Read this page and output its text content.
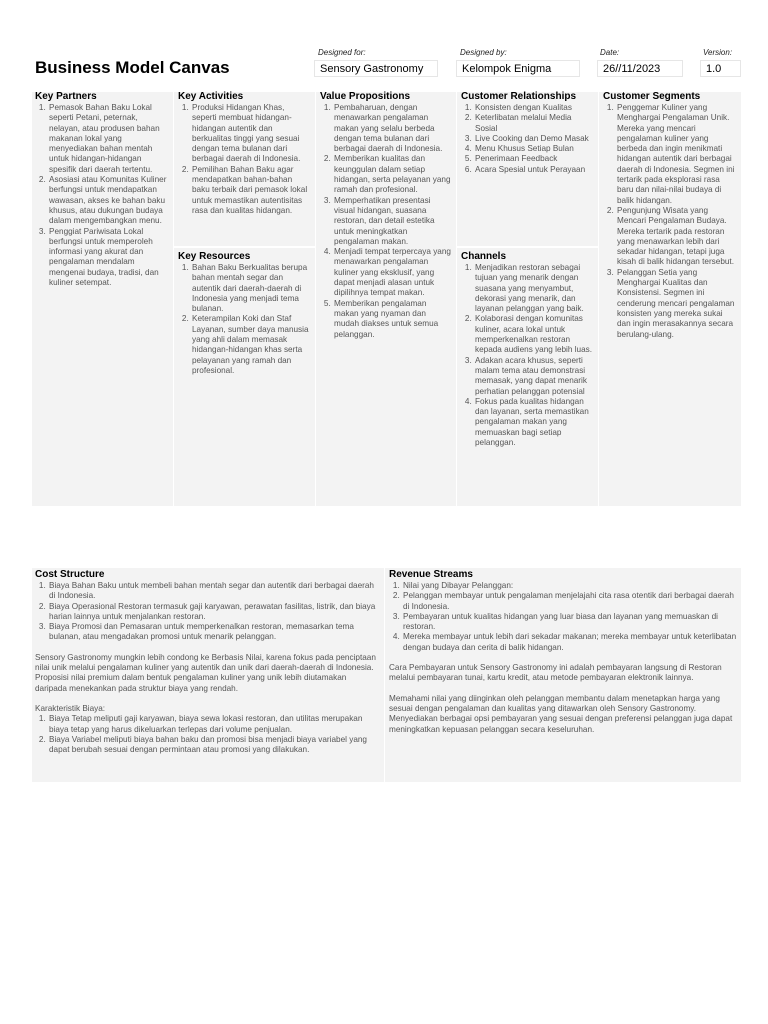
Business Model Canvas
Designed for:
Sensory Gastronomy
Designed by:
Kelompok Enigma
Date:
26//11/2023
Version:
1.0
Key Partners
1. Pemasok Bahan Baku Lokal seperti Petani, peternak, nelayan, atau produsen bahan makanan lokal yang menyediakan bahan mentah untuk hidangan-hidangan spesifik dari daerah tertentu.
2. Asosiasi atau Komunitas Kuliner berfungsi untuk mendapatkan wawasan, akses ke bahan baku khusus, atau dukungan budaya dalam mengembangkan menu.
3. Penggiat Pariwisata Lokal berfungsi untuk memperoleh informasi yang akurat dan pengalaman mendalam mengenai budaya, tradisi, dan kuliner setempat.
Key Activities
1. Produksi Hidangan Khas, seperti membuat hidangan-hidangan autentik dan berkualitas tinggi yang sesuai dengan tema bulanan dari berbagai daerah di Indonesia.
2. Pemilihan Bahan Baku agar mendapatkan bahan-bahan baku terbaik dari pemasok lokal untuk memastikan autentisitas rasa dan kualitas hidangan.
Key Resources
1. Bahan Baku Berkualitas berupa bahan mentah segar dan autentik dari daerah-daerah di Indonesia yang menjadi tema bulanan.
2. Keterampilan Koki dan Staf Layanan, sumber daya manusia yang ahli dalam memasak hidangan-hidangan khas serta pelayanan yang ramah dan profesional.
Value Propositions
1. Pembaharuan, dengan menawarkan pengalaman makan yang selalu berbeda dengan tema bulanan dari berbagai daerah di Indonesia.
2. Memberikan kualitas dan keunggulan dalam setiap hidangan, serta pelayanan yang ramah dan profesional.
3. Memperhatikan presentasi visual hidangan, suasana restoran, dan detail estetika untuk meningkatkan pengalaman makan.
4. Menjadi tempat terpercaya yang menawarkan pengalaman kuliner yang eksklusif, yang dapat menjadi alasan untuk dipilihnya tempat makan.
5. Memberikan pengalaman makan yang nyaman dan mudah diakses untuk semua pelanggan.
Customer Relationships
1. Konsisten dengan Kualitas
2. Keterlibatan melalui Media Sosial
3. Live Cooking dan Demo Masak
4. Menu Khusus Setiap Bulan
5. Penerimaan Feedback
6. Acara Spesial untuk Perayaan
Channels
1. Menjadikan restoran sebagai tujuan yang menarik dengan suasana yang menyambut, dekorasi yang menarik, dan layanan pelanggan yang baik.
2. Kolaborasi dengan komunitas kuliner, acara lokal untuk memperkenalkan restoran kepada audiens yang lebih luas.
3. Adakan acara khusus, seperti malam tema atau demonstrasi memasak, yang dapat menarik perhatian pelanggan potensial
4. Fokus pada kualitas hidangan dan layanan, serta memastikan pengalaman makan yang memuaskan bagi setiap pelanggan.
Customer Segments
1. Penggemar Kuliner yang Menghargai Pengalaman Unik. Mereka yang mencari pengalaman kuliner yang berbeda dan ingin menikmati hidangan autentik dari berbagai daerah di Indonesia. Segmen ini tertarik pada eksplorasi rasa baru dan nilai-nilai budaya di balik hidangan.
2. Pengunjung Wisata yang Mencari Pengalaman Budaya. Mereka tertarik pada restoran yang menawarkan lebih dari sekadar hidangan, tetapi juga kisah di balik hidangan tersebut.
3. Pelanggan Setia yang Menghargai Kualitas dan Konsistensi. Segmen ini cenderung mencari pengalaman konsisten yang mereka sukai dan ingin merasakannya secara berulang-ulang.
Cost Structure
1. Biaya Bahan Baku untuk membeli bahan mentah segar dan autentik dari berbagai daerah di Indonesia.
2. Biaya Operasional Restoran termasuk gaji karyawan, perawatan fasilitas, listrik, dan biaya harian lainnya untuk menjalankan restoran.
3. Biaya Promosi dan Pemasaran untuk memperkenalkan restoran, memasarkan tema bulanan, atau mengadakan promosi untuk menarik pelanggan.

Sensory Gastronomy mungkin lebih condong ke Berbasis Nilai, karena fokus pada penciptaan nilai unik melalui pengalaman kuliner yang autentik dan unik dari daerah-daerah di Indonesia. Proposisi nilai premium dalam bentuk pengalaman kuliner yang unik lebih diutamakan daripada menekankan pada struktur biaya yang rendah.

Karakteristik Biaya:

1. Biaya Tetap meliputi gaji karyawan, biaya sewa lokasi restoran, dan utilitas merupakan biaya tetap yang harus dikeluarkan terlepas dari volume penjualan.
2. Biaya Variabel meliputi biaya bahan baku dan promosi bisa menjadi biaya variabel yang dapat berubah sesuai dengan permintaan atau promosi yang dilakukan.
Revenue Streams
1. Nilai yang Dibayar Pelanggan:
2. Pelanggan membayar untuk pengalaman menjelajahi cita rasa otentik dari berbagai daerah di Indonesia.
3. Pembayaran untuk kualitas hidangan yang luar biasa dan layanan yang memuaskan di restoran.
4. Mereka membayar untuk lebih dari sekadar makanan; mereka membayar untuk keterlibatan dengan budaya dan cerita di balik hidangan.

Cara Pembayaran untuk Sensory Gastronomy ini adalah pembayaran langsung di Restoran melalui pembayaran tunai, kartu kredit, atau metode pembayaran elektronik lainnya.

Memahami nilai yang diinginkan oleh pelanggan membantu dalam menetapkan harga yang sesuai dengan pengalaman dan kualitas yang ditawarkan oleh Sensory Gastronomy. Menyediakan berbagai opsi pembayaran yang sesuai dengan preferensi pelanggan juga dapat meningkatkan kepuasan pelanggan secara keseluruhan.
